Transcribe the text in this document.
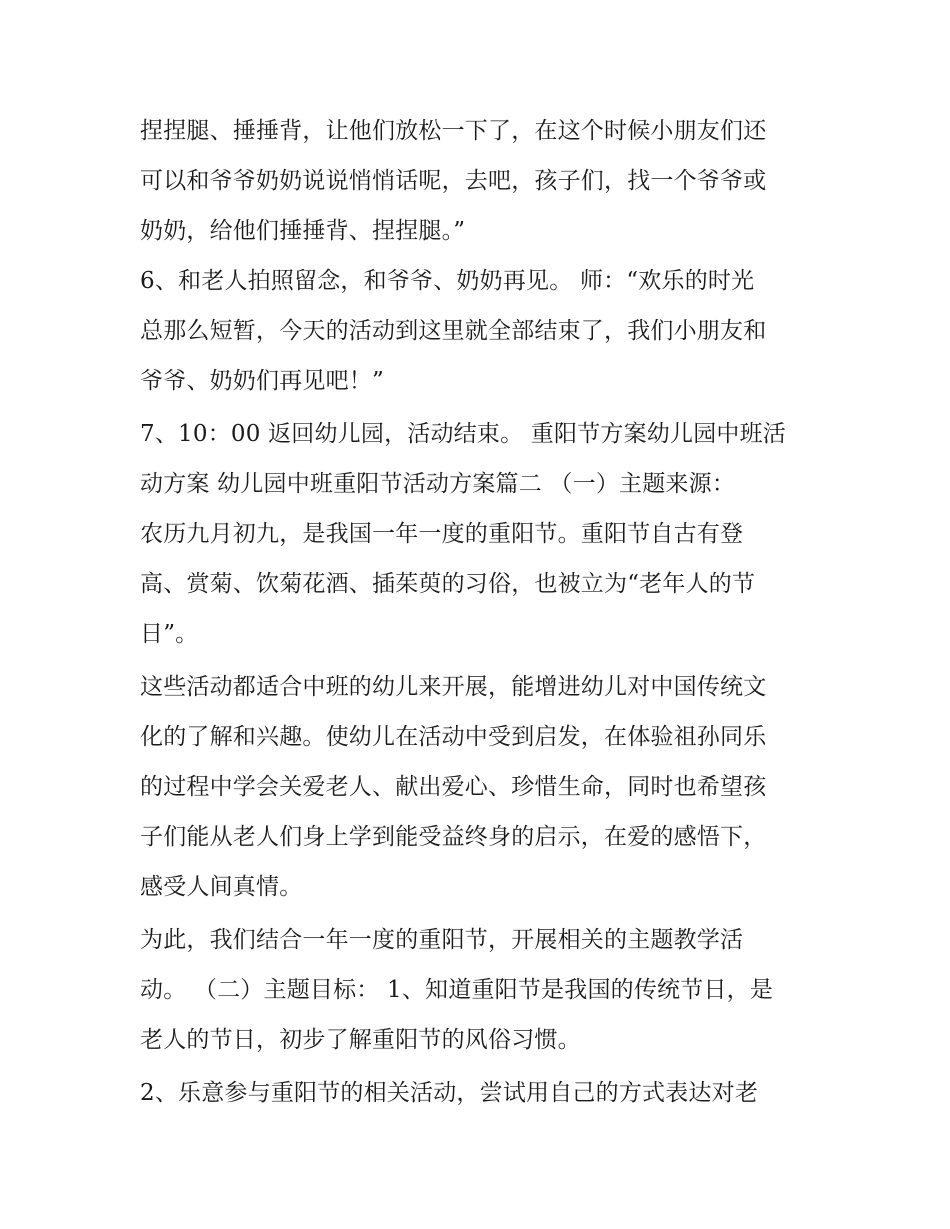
捏捏腿、捶捶背，让他们放松一下了，在这个时候小朋友们还
可以和爷爷奶奶说说悄悄话呢，去吧，孩子们，找一个爷爷或
奶奶，给他们捶捶背、捏捏腿。”
6、和老人拍照留念，和爷爷、奶奶再见。 师：“欢乐的时光
总那么短暂，今天的活动到这里就全部结束了，我们小朋友和
爷爷、奶奶们再见吧！”
7、10：00 返回幼儿园，活动结束。 重阳节方案幼儿园中班活
动方案 幼儿园中班重阳节活动方案篇二 （一）主题来源：
农历九月初九，是我国一年一度的重阳节。重阳节自古有登
高、赏菊、饮菊花酒、插茱萸的习俗，也被立为“老年人的节
日”。
这些活动都适合中班的幼儿来开展，能增进幼儿对中国传统文
化的了解和兴趣。使幼儿在活动中受到启发，在体验祖孙同乐
的过程中学会关爱老人、献出爱心、珍惜生命，同时也希望孩
子们能从老人们身上学到能受益终身的启示，在爱的感悟下，
感受人间真情。
为此，我们结合一年一度的重阳节，开展相关的主题教学活
动。 （二）主题目标： 1、知道重阳节是我国的传统节日，是
老人的节日，初步了解重阳节的风俗习惯。
2、乐意参与重阳节的相关活动，尝试用自己的方式表达对老
